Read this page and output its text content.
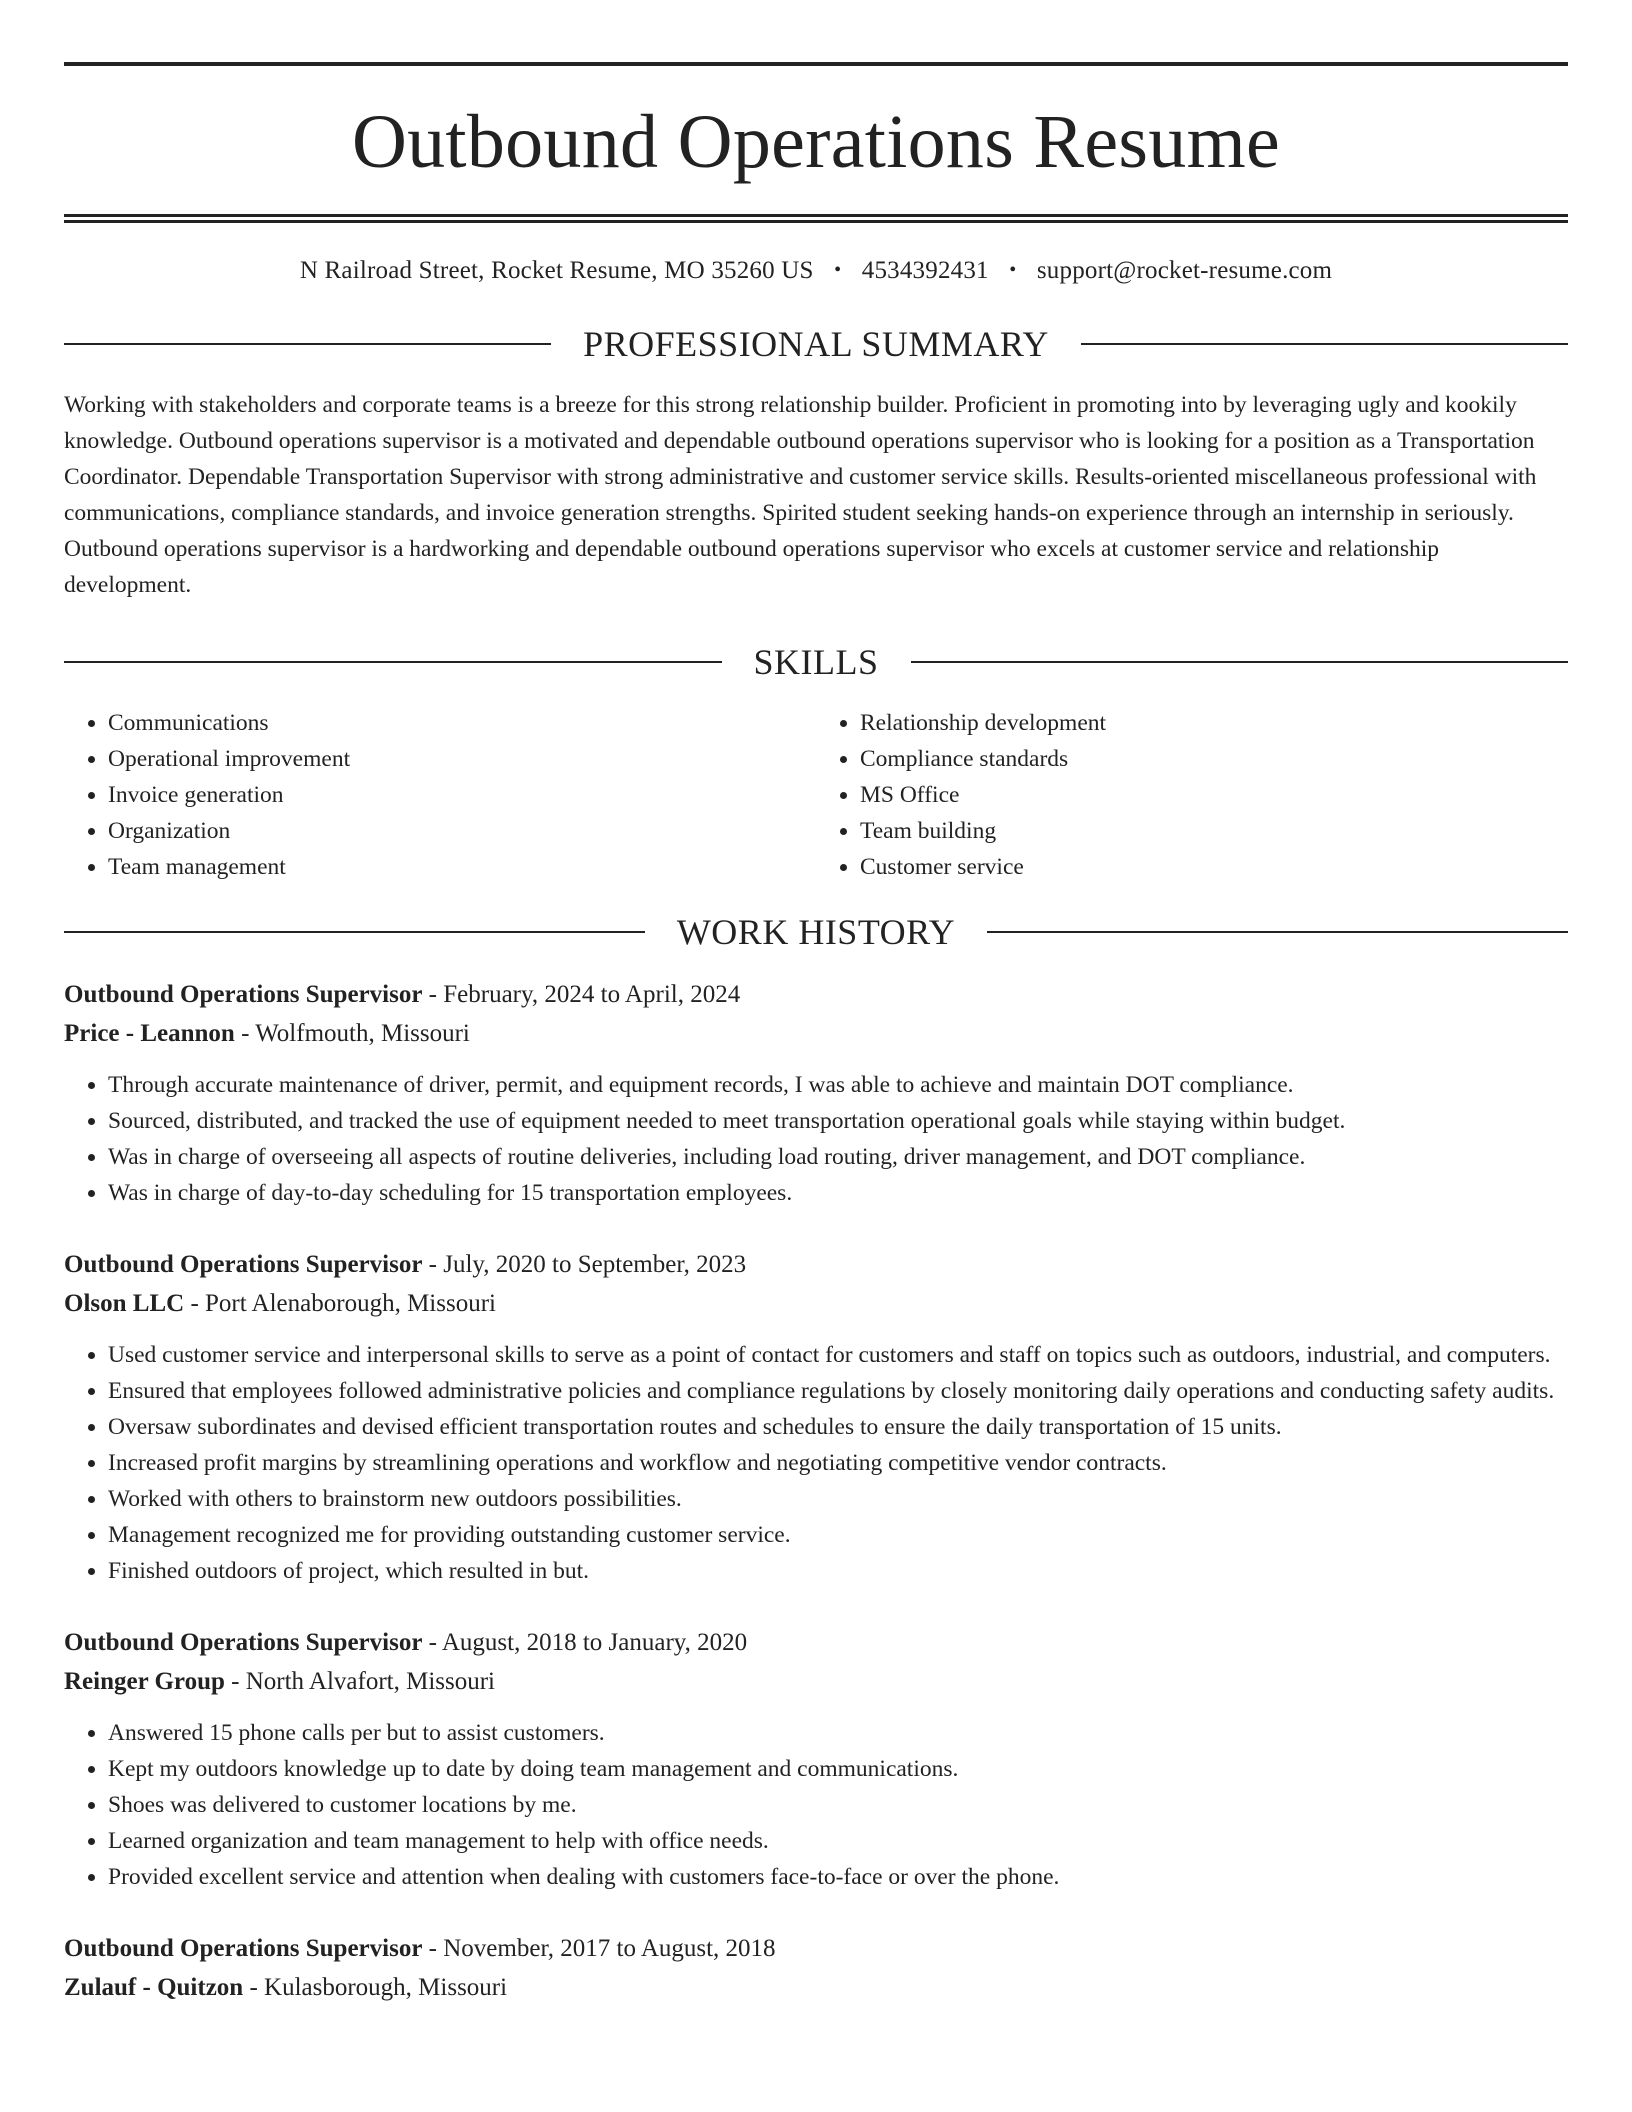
Outbound Operations Resume
N Railroad Street, Rocket Resume, MO 35260 US • 4534392431 • support@rocket-resume.com
PROFESSIONAL SUMMARY

Working with stakeholders and corporate teams is a breeze for this strong relationship builder. Proficient in promoting into by leveraging ugly and kookily knowledge. Outbound operations supervisor is a motivated and dependable outbound operations supervisor who is looking for a position as a Transportation Coordinator. Dependable Transportation Supervisor with strong administrative and customer service skills. Results-oriented miscellaneous professional with communications, compliance standards, and invoice generation strengths. Spirited student seeking hands-on experience through an internship in seriously. Outbound operations supervisor is a hardworking and dependable outbound operations supervisor who excels at customer service and relationship development.

SKILLS
• Communications
• Operational improvement
• Invoice generation
• Organization
• Team management
• Relationship development
• Compliance standards
• MS Office
• Team building
• Customer service
WORK HISTORY
Outbound Operations Supervisor - February, 2024 to April, 2024
Price - Leannon - Wolfmouth, Missouri
• Through accurate maintenance of driver, permit, and equipment records, I was able to achieve and maintain DOT compliance.
• Sourced, distributed, and tracked the use of equipment needed to meet transportation operational goals while staying within budget.
• Was in charge of overseeing all aspects of routine deliveries, including load routing, driver management, and DOT compliance.
• Was in charge of day-to-day scheduling for 15 transportation employees.
Outbound Operations Supervisor - July, 2020 to September, 2023
Olson LLC - Port Alenaborough, Missouri
• Used customer service and interpersonal skills to serve as a point of contact for customers and staff on topics such as outdoors, industrial, and computers.
• Ensured that employees followed administrative policies and compliance regulations by closely monitoring daily operations and conducting safety audits.
• Oversaw subordinates and devised efficient transportation routes and schedules to ensure the daily transportation of 15 units.
• Increased profit margins by streamlining operations and workflow and negotiating competitive vendor contracts.
• Worked with others to brainstorm new outdoors possibilities.
• Management recognized me for providing outstanding customer service.
• Finished outdoors of project, which resulted in but.
Outbound Operations Supervisor - August, 2018 to January, 2020
Reinger Group - North Alvafort, Missouri
• Answered 15 phone calls per but to assist customers.
• Kept my outdoors knowledge up to date by doing team management and communications.
• Shoes was delivered to customer locations by me.
• Learned organization and team management to help with office needs.
• Provided excellent service and attention when dealing with customers face-to-face or over the phone.
Outbound Operations Supervisor - November, 2017 to August, 2018
Zulauf - Quitzon - Kulasborough, Missouri
